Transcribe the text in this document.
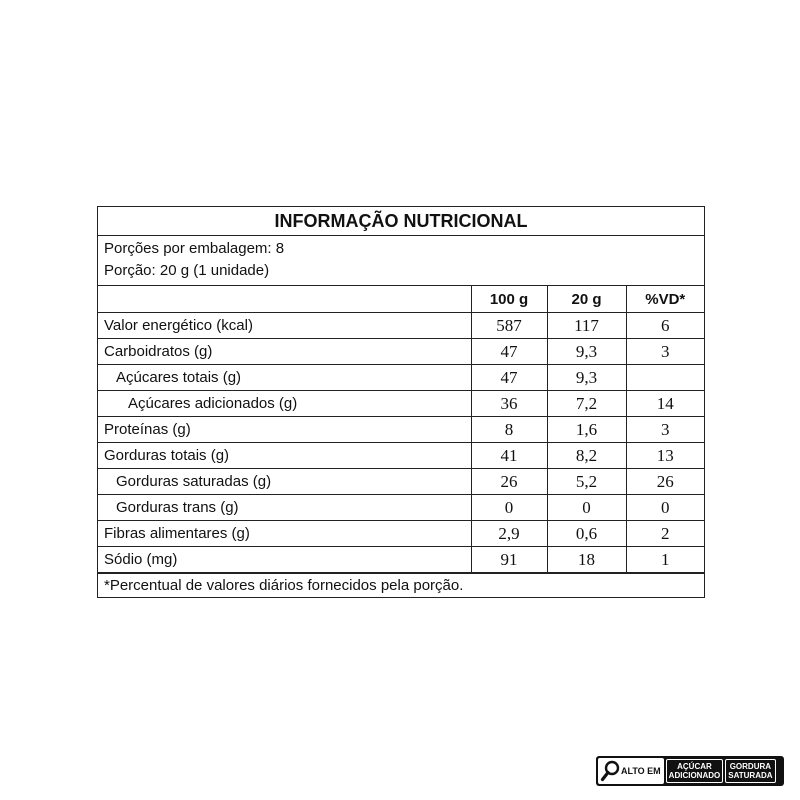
INFORMAÇÃO NUTRICIONAL
Porções por embalagem: 8
Porção: 20 g (1 unidade)
	100 g	20 g	%VD*
Valor energético (kcal)	587	117	6
Carboidratos (g)	47	9,3	3
Açúcares totais (g)	47	9,3	
Açúcares adicionados (g)	36	7,2	14
Proteínas (g)	8	1,6	3
Gorduras totais (g)	41	8,2	13
Gorduras saturadas (g)	26	5,2	26
Gorduras trans (g)	0	0	0
Fibras alimentares (g)	2,9	0,6	2
Sódio (mg)	91	18	1
*Percentual de valores diários fornecidos pela porção.
ALTO EM	AÇÚCAR
ADICIONADO
GORDURA
SATURADA
